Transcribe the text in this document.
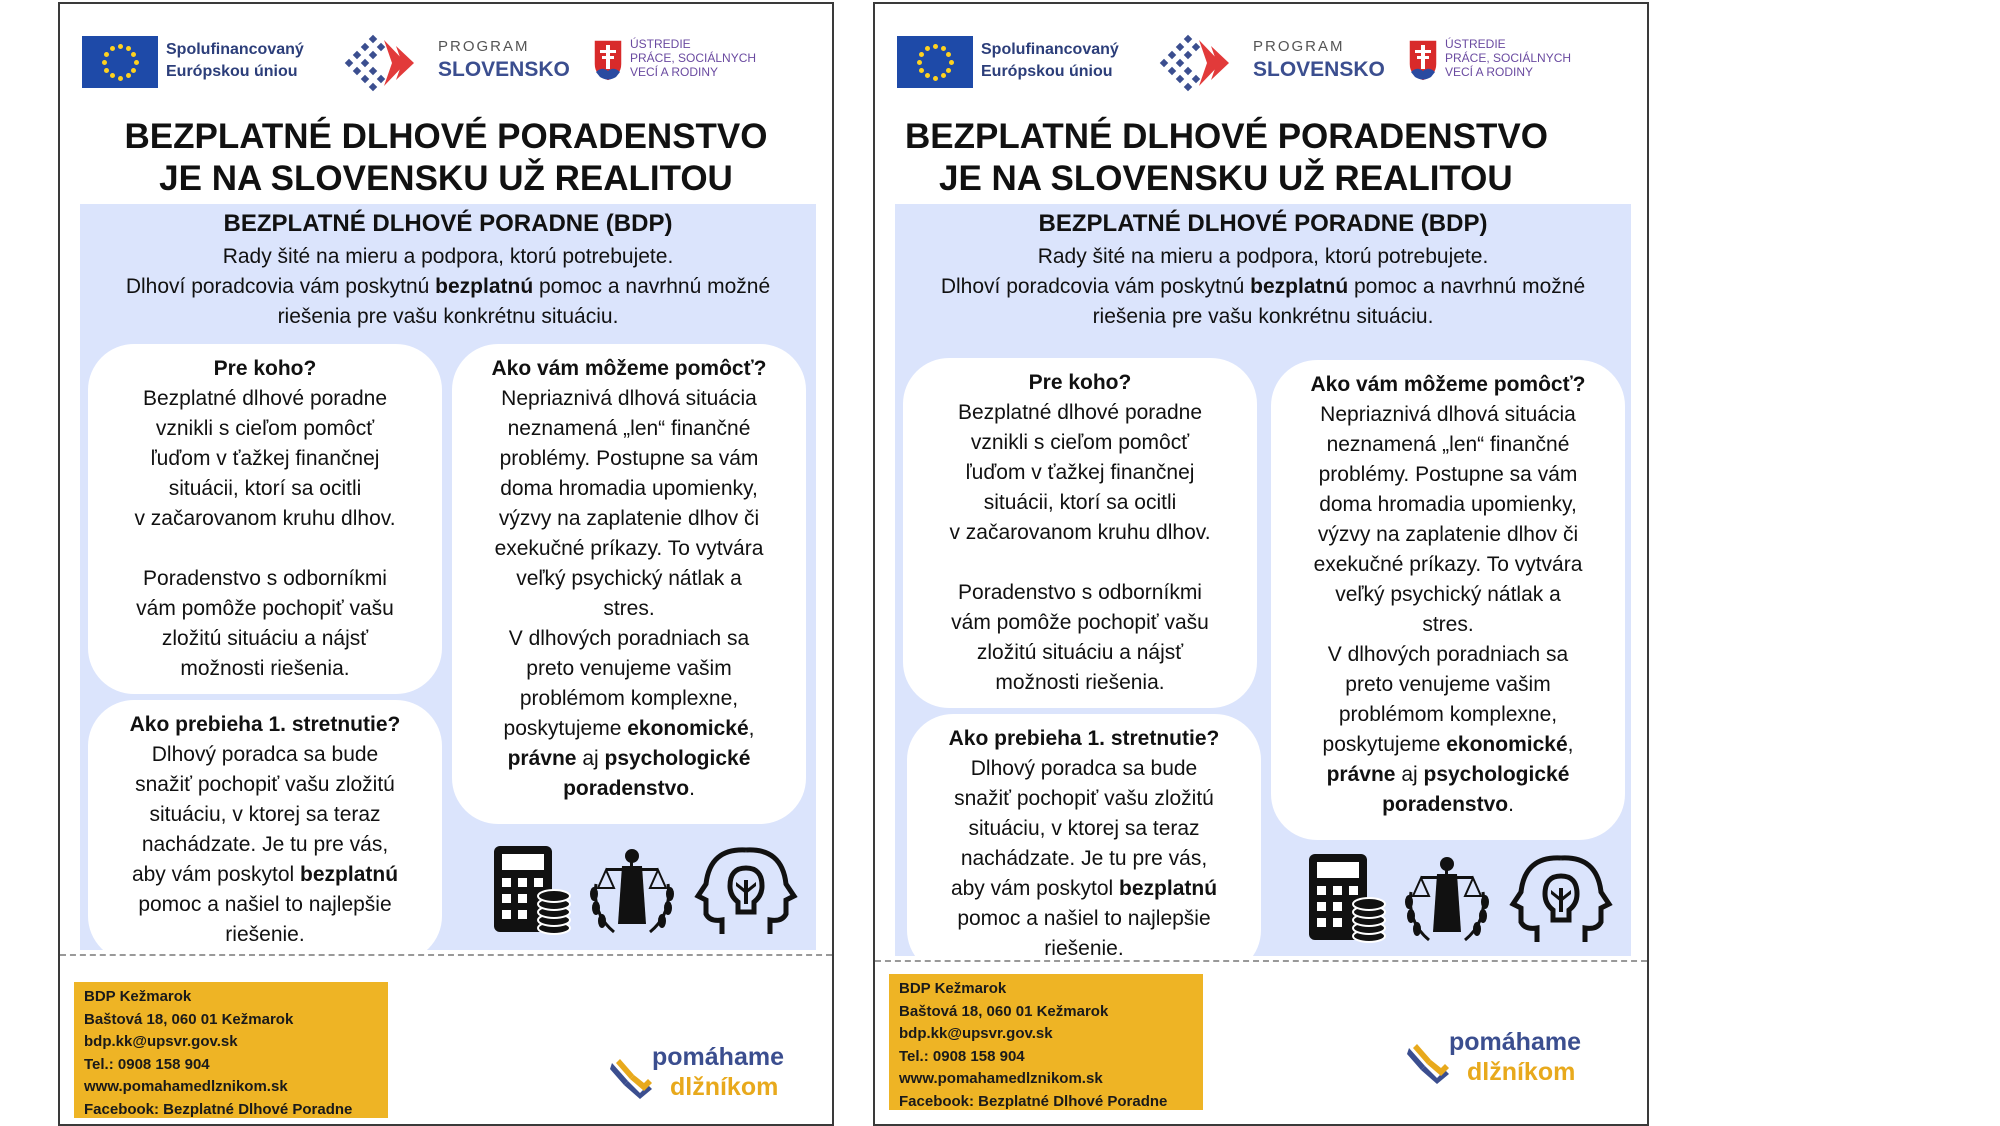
Spolufinancovaný
Európskou úniou
PROGRAM
SLOVENSKO
ÚSTREDIE
PRÁCE, SOCIÁLNYCH
VECÍ A RODINY
BEZPLATNÉ DLHOVÉ PORADENSTVO
JE NA SLOVENSKU UŽ REALITOU
BEZPLATNÉ DLHOVÉ PORADNE (BDP)
Rady šité na mieru a podpora, ktorú potrebujete.
Dlhoví poradcovia vám poskytnú bezplatnú pomoc a navrhnú možné
riešenia pre vašu konkrétnu situáciu.
Pre koho?

Bezplatné dlhové poradne
vznikli s cieľom pomôcť
ľuďom v ťažkej finančnej
situácii, ktorí sa ocitli
v začarovanom kruhu dlhov.

Poradenstvo s odborníkmi
vám pomôže pochopiť vašu
zložitú situáciu a nájsť
možnosti riešenia.

Ako prebieha 1. stretnutie?

Dlhový poradca sa bude
snažiť pochopiť vašu zložitú
situáciu, v ktorej sa teraz
nachádzate. Je tu pre vás,
aby vám poskytol bezplatnú
pomoc a našiel to najlepšie
riešenie.

Ako vám môžeme pomôcť?

Nepriaznivá dlhová situácia
neznamená „len“ finančné
problémy. Postupne sa vám
doma hromadia upomienky,
výzvy na zaplatenie dlhov či
exekučné príkazy. To vytvára
veľký psychický nátlak a
stres.
V dlhových poradniach sa
preto venujeme vašim
problémom komplexne,
poskytujeme ekonomické,
právne aj psychologické
poradenstvo.

BDP Kežmarok
Baštová 18, 060 01 Kežmarok
bdp.kk@upsvr.gov.sk
Tel.: 0908 158 904
www.pomahamedlznikom.sk
Facebook: Bezplatné Dlhové Poradne
pomáhame
dlžníkom
Spolufinancovaný
Európskou úniou
PROGRAM
SLOVENSKO
ÚSTREDIE
PRÁCE, SOCIÁLNYCH
VECÍ A RODINY
BEZPLATNÉ DLHOVÉ PORADENSTVO
JE NA SLOVENSKU UŽ REALITOU
BEZPLATNÉ DLHOVÉ PORADNE (BDP)
Rady šité na mieru a podpora, ktorú potrebujete.
Dlhoví poradcovia vám poskytnú bezplatnú pomoc a navrhnú možné
riešenia pre vašu konkrétnu situáciu.
Pre koho?

Bezplatné dlhové poradne
vznikli s cieľom pomôcť
ľuďom v ťažkej finančnej
situácii, ktorí sa ocitli
v začarovanom kruhu dlhov.

Poradenstvo s odborníkmi
vám pomôže pochopiť vašu
zložitú situáciu a nájsť
možnosti riešenia.

Ako prebieha 1. stretnutie?

Dlhový poradca sa bude
snažiť pochopiť vašu zložitú
situáciu, v ktorej sa teraz
nachádzate. Je tu pre vás,
aby vám poskytol bezplatnú
pomoc a našiel to najlepšie
riešenie.

Ako vám môžeme pomôcť?

Nepriaznivá dlhová situácia
neznamená „len“ finančné
problémy. Postupne sa vám
doma hromadia upomienky,
výzvy na zaplatenie dlhov či
exekučné príkazy. To vytvára
veľký psychický nátlak a
stres.
V dlhových poradniach sa
preto venujeme vašim
problémom komplexne,
poskytujeme ekonomické,
právne aj psychologické
poradenstvo.

BDP Kežmarok
Baštová 18, 060 01 Kežmarok
bdp.kk@upsvr.gov.sk
Tel.: 0908 158 904
www.pomahamedlznikom.sk
Facebook: Bezplatné Dlhové Poradne
pomáhame
dlžníkom
